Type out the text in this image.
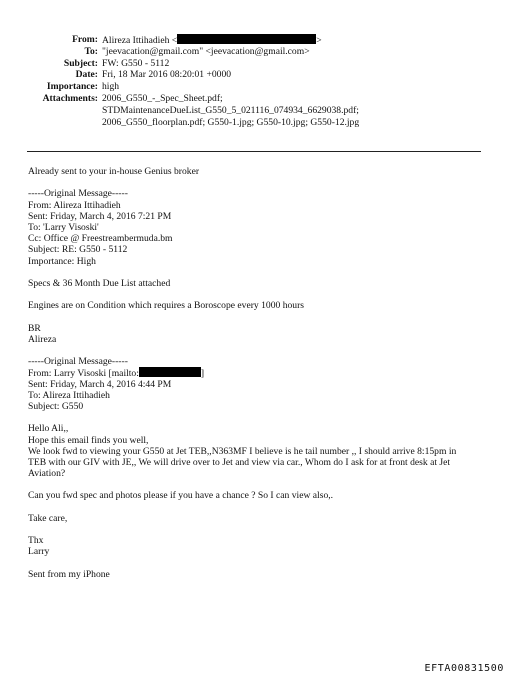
From: Alireza Ittihadieh <	>
To: "jeevacation@gmail.com" <jeevacation@gmail.com>
Subject: FW: G550 - 5112
Date: Fri, 18 Mar 2016 08:20:01 +0000
Importance: high
Attachments: 2006_G550_-_Spec_Sheet.pdf;
STDMaintenanceDueList_G550_5_021116_074934_6629038.pdf;
2006_G550_floorplan.pdf; G550-1.jpg; G550-10.jpg; G550-12.jpg
Already sent to your in-house Genius broker
-----Original Message-----
From: Alireza Ittihadieh
Sent: Friday, March 4, 2016 7:21 PM
To: 'Larry Visoski'
Cc: Office @ Freestreambermuda.bm
Subject: RE: G550 - 5112
Importance: High
Specs & 36 Month Due List attached
Engines are on Condition which requires a Boroscope every 1000 hours
BR
Alireza
-----Original Message-----
From: Larry Visoski [mailto:	]
Sent: Friday, March 4, 2016 4:44 PM
To: Alireza Ittihadieh
Subject: G550
Hello Ali,,
Hope this email finds you well,
We look fwd to viewing your G550 at Jet TEB,,N363MF I believe is he tail number ,, I should arrive 8:15pm in
TEB with our GIV with JE,, We will drive over to Jet and view via car., Whom do I ask for at front desk at Jet
Aviation?
Can you fwd spec and photos please if you have a chance ? So I can view also,.
Take care,
Thx
Larry
Sent from my iPhone
EFTA00831500
